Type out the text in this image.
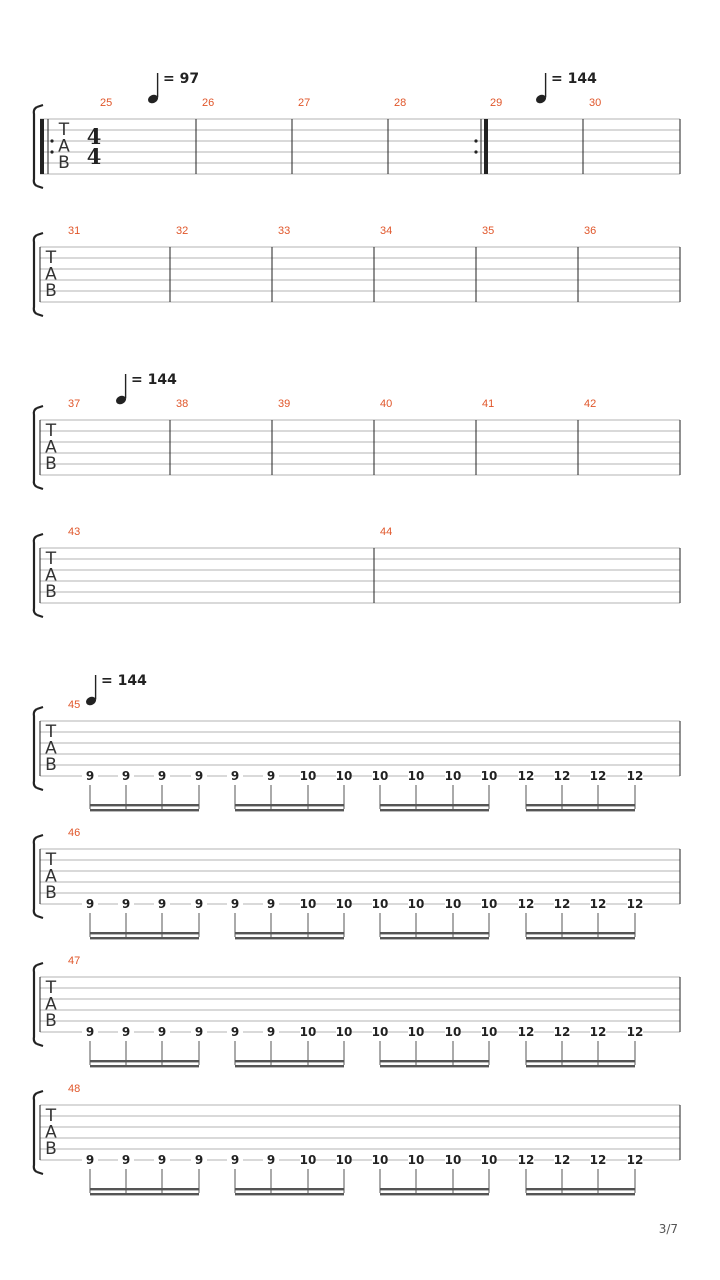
T
A
B
4
4
25	26	27	28	29	30
= 97	= 144
T
A
B
31	32	33	34	35	36
T
A
B
37	38	39	40	41	42
= 144
T
A
B
43	44
T
A
B
45
9 9 9 9 9 9 10 10 10 10 10 10 12 12 12 12
= 144
T
A
B
46
9 9 9 9 9 9 10 10 10 10 10 10 12 12 12 12
T
A
B
47
9 9 9 9 9 9 10 10 10 10 10 10 12 12 12 12
T
A
B
48
9 9 9 9 9 9 10 10 10 10 10 10 12 12 12 12
3/7
